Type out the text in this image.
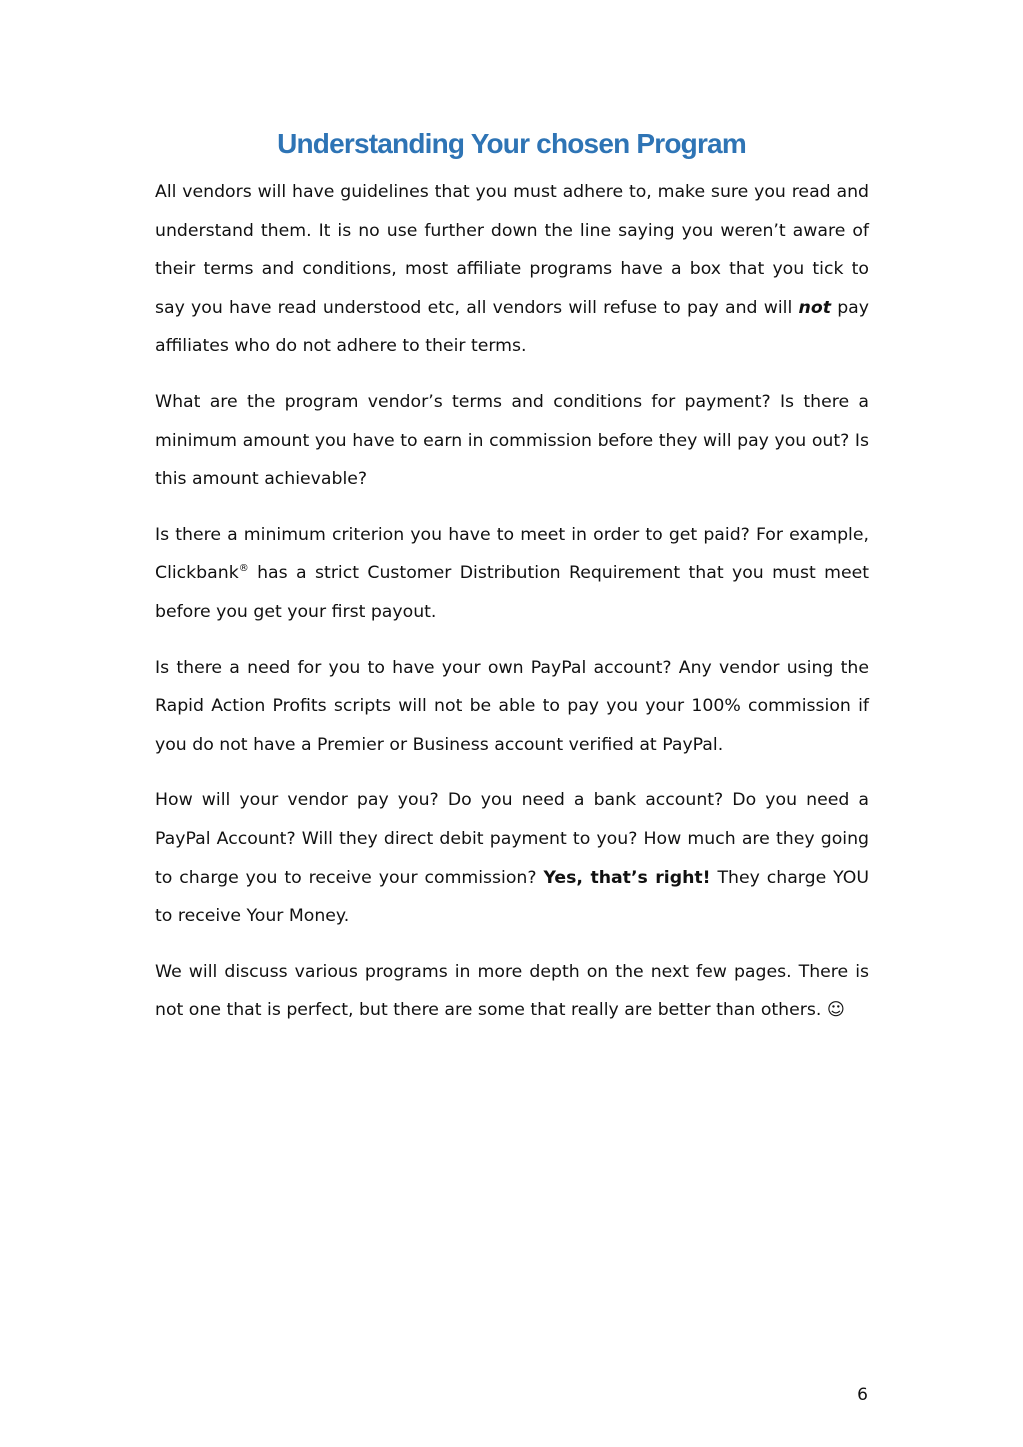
Understanding Your chosen Program

All vendors will have guidelines that you must adhere to, make sure you read and understand them. It is no use further down the line saying you weren’t aware of their terms and conditions, most affiliate programs have a box that you tick to say you have read understood etc, all vendors will refuse to pay and will not pay affiliates who do not adhere to their terms.

What are the program vendor’s terms and conditions for payment? Is there a minimum amount you have to earn in commission before they will pay you out? Is this amount achievable?

Is there a minimum criterion you have to meet in order to get paid? For example, Clickbank® has a strict Customer Distribution Requirement that you must meet before you get your first payout.

Is there a need for you to have your own PayPal account? Any vendor using the Rapid Action Profits scripts will not be able to pay you your 100% commission if you do not have a Premier or Business account verified at PayPal.

How will your vendor pay you? Do you need a bank account? Do you need a PayPal Account? Will they direct debit payment to you? How much are they going to charge you to receive your commission? Yes, that’s right! They charge YOU to receive Your Money.

We will discuss various programs in more depth on the next few pages. There is not one that is perfect, but there are some that really are better than others. ☺

6
